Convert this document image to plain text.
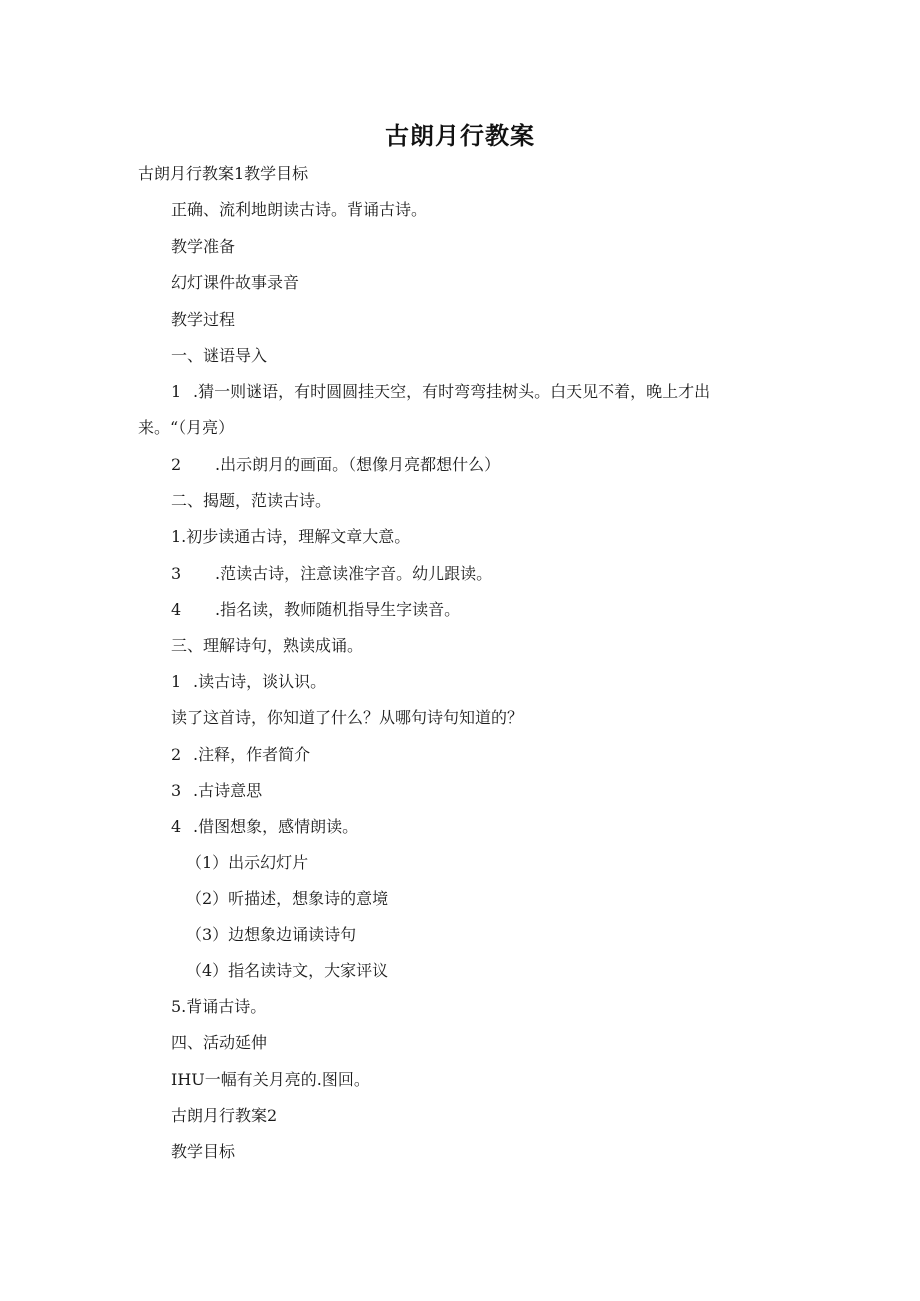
古朗月行教案
古朗月行教案1教学目标
正确、流利地朗读古诗。背诵古诗。
教学准备
幻灯课件故事录音
教学过程
一、谜语导入
1 .猜一则谜语，有时圆圆挂天空，有时弯弯挂树头。白天见不着，晚上才出
来。“（月亮）
2 .出示朗月的画面。（想像月亮都想什么）
二、揭题，范读古诗。
1.初步读通古诗，理解文章大意。
3 .范读古诗，注意读准字音。幼儿跟读。
4 .指名读，教师随机指导生字读音。
三、理解诗句，熟读成诵。
1 .读古诗，谈认识。
读了这首诗，你知道了什么？从哪句诗句知道的？
2 .注释，作者简介
3 .古诗意思
4 .借图想象，感情朗读。
（1）出示幻灯片
（2）听描述，想象诗的意境
（3）边想象边诵读诗句
（4）指名读诗文，大家评议
5.背诵古诗。
四、活动延伸
IHU一幅有关月亮的.图回。
古朗月行教案2
教学目标
